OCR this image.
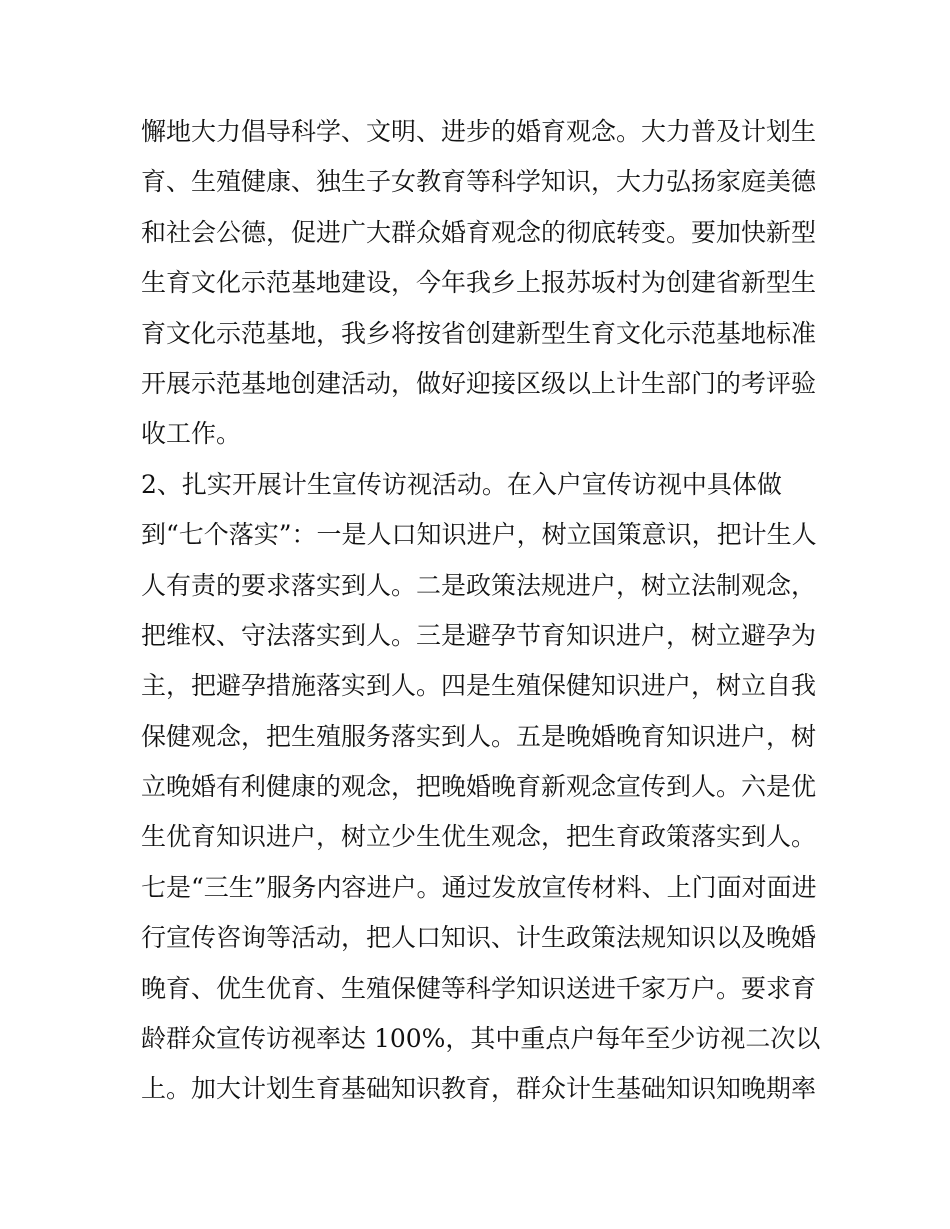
懈地大力倡导科学、文明、进步的婚育观念。大力普及计划生
育、生殖健康、独生子女教育等科学知识，大力弘扬家庭美德
和社会公德，促进广大群众婚育观念的彻底转变。要加快新型
生育文化示范基地建设，今年我乡上报苏坂村为创建省新型生
育文化示范基地，我乡将按省创建新型生育文化示范基地标准
开展示范基地创建活动，做好迎接区级以上计生部门的考评验
收工作。
2、扎实开展计生宣传访视活动。在入户宣传访视中具体做
到“七个落实”：一是人口知识进户，树立国策意识，把计生人
人有责的要求落实到人。二是政策法规进户，树立法制观念，
把维权、守法落实到人。三是避孕节育知识进户，树立避孕为
主，把避孕措施落实到人。四是生殖保健知识进户，树立自我
保健观念，把生殖服务落实到人。五是晚婚晚育知识进户，树
立晚婚有利健康的观念，把晚婚晚育新观念宣传到人。六是优
生优育知识进户，树立少生优生观念，把生育政策落实到人。
七是“三生”服务内容进户。通过发放宣传材料、上门面对面进
行宣传咨询等活动，把人口知识、计生政策法规知识以及晚婚
晚育、优生优育、生殖保健等科学知识送进千家万户。要求育
龄群众宣传访视率达 100%，其中重点户每年至少访视二次以
上。加大计划生育基础知识教育，群众计生基础知识知晚期率
